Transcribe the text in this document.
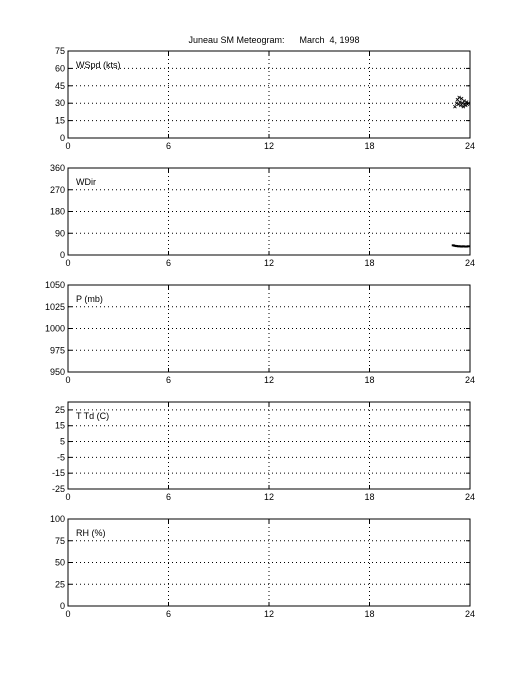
Juneau SM Meteogram:      March  4, 1998
0	6	12	18	24
0
15
30
45
60
75
WSpd (kts)
0	6	12	18	24
0
90
180
270
360
WDir
0	6	12	18	24
950
975
1000
1025
1050
P (mb)
0	6	12	18	24
-25
-15
-5
5
15
25
T Td (C)
0	6	12	18	24
0
25
50
75
100
RH (%)
